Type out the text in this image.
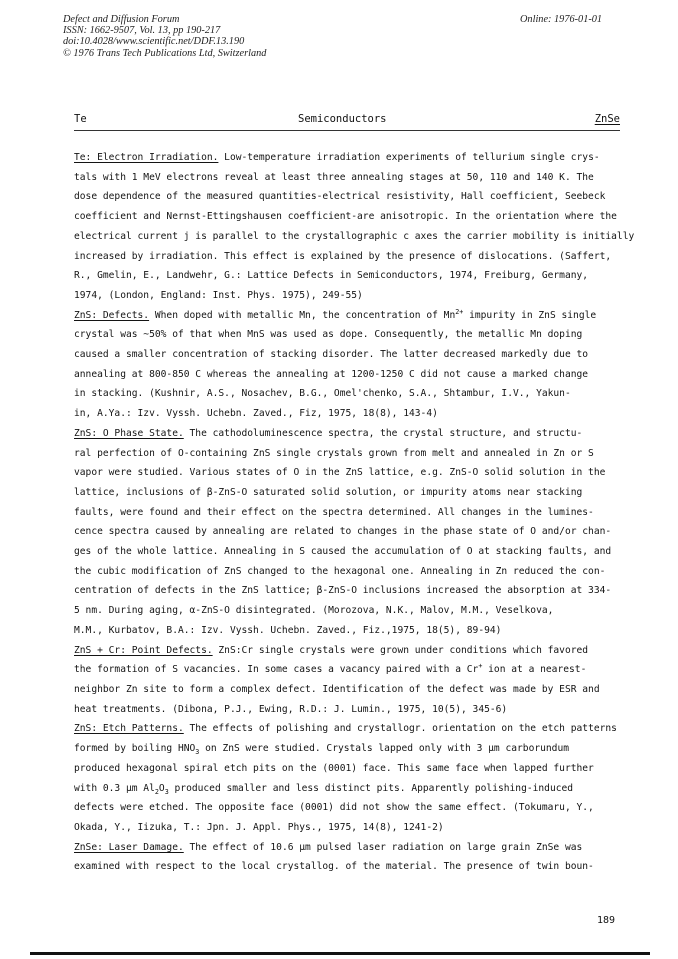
Defect and Diffusion Forum
ISSN: 1662-9507, Vol. 13, pp 190-217
doi:10.4028/www.scientific.net/DDF.13.190
© 1976 Trans Tech Publications Ltd, Switzerland
Online: 1976-01-01
Te	Semiconductors	ZnSe
Te: Electron Irradiation. Low-temperature irradiation experiments of tellurium single crys-
tals with 1 MeV electrons reveal at least three annealing stages at 50, 110 and 140 K. The
dose dependence of the measured quantities-electrical resistivity, Hall coefficient, Seebeck
coefficient and Nernst-Ettingshausen coefficient-are anisotropic. In the orientation where the
electrical current j is parallel to the crystallographic c axes the carrier mobility is initially
increased by irradiation. This effect is explained by the presence of dislocations. (Saffert,
R., Gmelin, E., Landwehr, G.: Lattice Defects in Semiconductors, 1974, Freiburg, Germany,
1974, (London, England: Inst. Phys. 1975), 249-55)
ZnS: Defects. When doped with metallic Mn, the concentration of $Mn^{2+}$ impurity in ZnS single
crystal was ~50% of that when MnS was used as dope. Consequently, the metallic Mn doping
caused a smaller concentration of stacking disorder. The latter decreased markedly due to
annealing at 800-850 C whereas the annealing at 1200-1250 C did not cause a marked change
in stacking. (Kushnir, A.S., Nosachev, B.G., Omel'chenko, S.A., Shtambur, I.V., Yakun-
in, A.Ya.: Izv. Vyssh. Uchebn. Zaved., Fiz, 1975, 18(8), 143-4)
ZnS: O Phase State. The cathodoluminescence spectra, the crystal structure, and structu-
ral perfection of O-containing ZnS single crystals grown from melt and annealed in Zn or S
vapor were studied. Various states of O in the ZnS lattice, e.g. ZnS-O solid solution in the
lattice, inclusions of β-ZnS-O saturated solid solution, or impurity atoms near stacking
faults, were found and their effect on the spectra determined. All changes in the lumines-
cence spectra caused by annealing are related to changes in the phase state of O and/or chan-
ges of the whole lattice. Annealing in S caused the accumulation of O at stacking faults, and
the cubic modification of ZnS changed to the hexagonal one. Annealing in Zn reduced the con-
centration of defects in the ZnS lattice; β-ZnS-O inclusions increased the absorption at 334-
5 nm. During aging, α-ZnS-O disintegrated. (Morozova, N.K., Malov, M.M., Veselkova,
M.M., Kurbatov, B.A.: Izv. Vyssh. Uchebn. Zaved., Fiz.,1975, 18(5), 89-94)
ZnS + Cr: Point Defects. ZnS:Cr single crystals were grown under conditions which favored
the formation of S vacancies. In some cases a vacancy paired with a Cr+ ion at a nearest-
neighbor Zn site to form a complex defect. Identification of the defect was made by ESR and
heat treatments. (Dibona, P.J., Ewing, R.D.: J. Lumin., 1975, 10(5), 345-6)
ZnS: Etch Patterns. The effects of polishing and crystallogr. orientation on the etch patterns
formed by boiling $HNO_3$ on ZnS were studied. Crystals lapped only with 3 μm carborundum
produced hexagonal spiral etch pits on the (0001) face. This same face when lapped further
with 0.3 μm $Al_2O_3$ produced smaller and less distinct pits. Apparently polishing-induced
defects were etched. The opposite face (0001) did not show the same effect. (Tokumaru, Y.,
Okada, Y., Iizuka, T.: Jpn. J. Appl. Phys., 1975, 14(8), 1241-2)
ZnSe: Laser Damage. The effect of 10.6 μm pulsed laser radiation on large grain ZnSe was
examined with respect to the local crystallog. of the material. The presence of twin boun-
189
